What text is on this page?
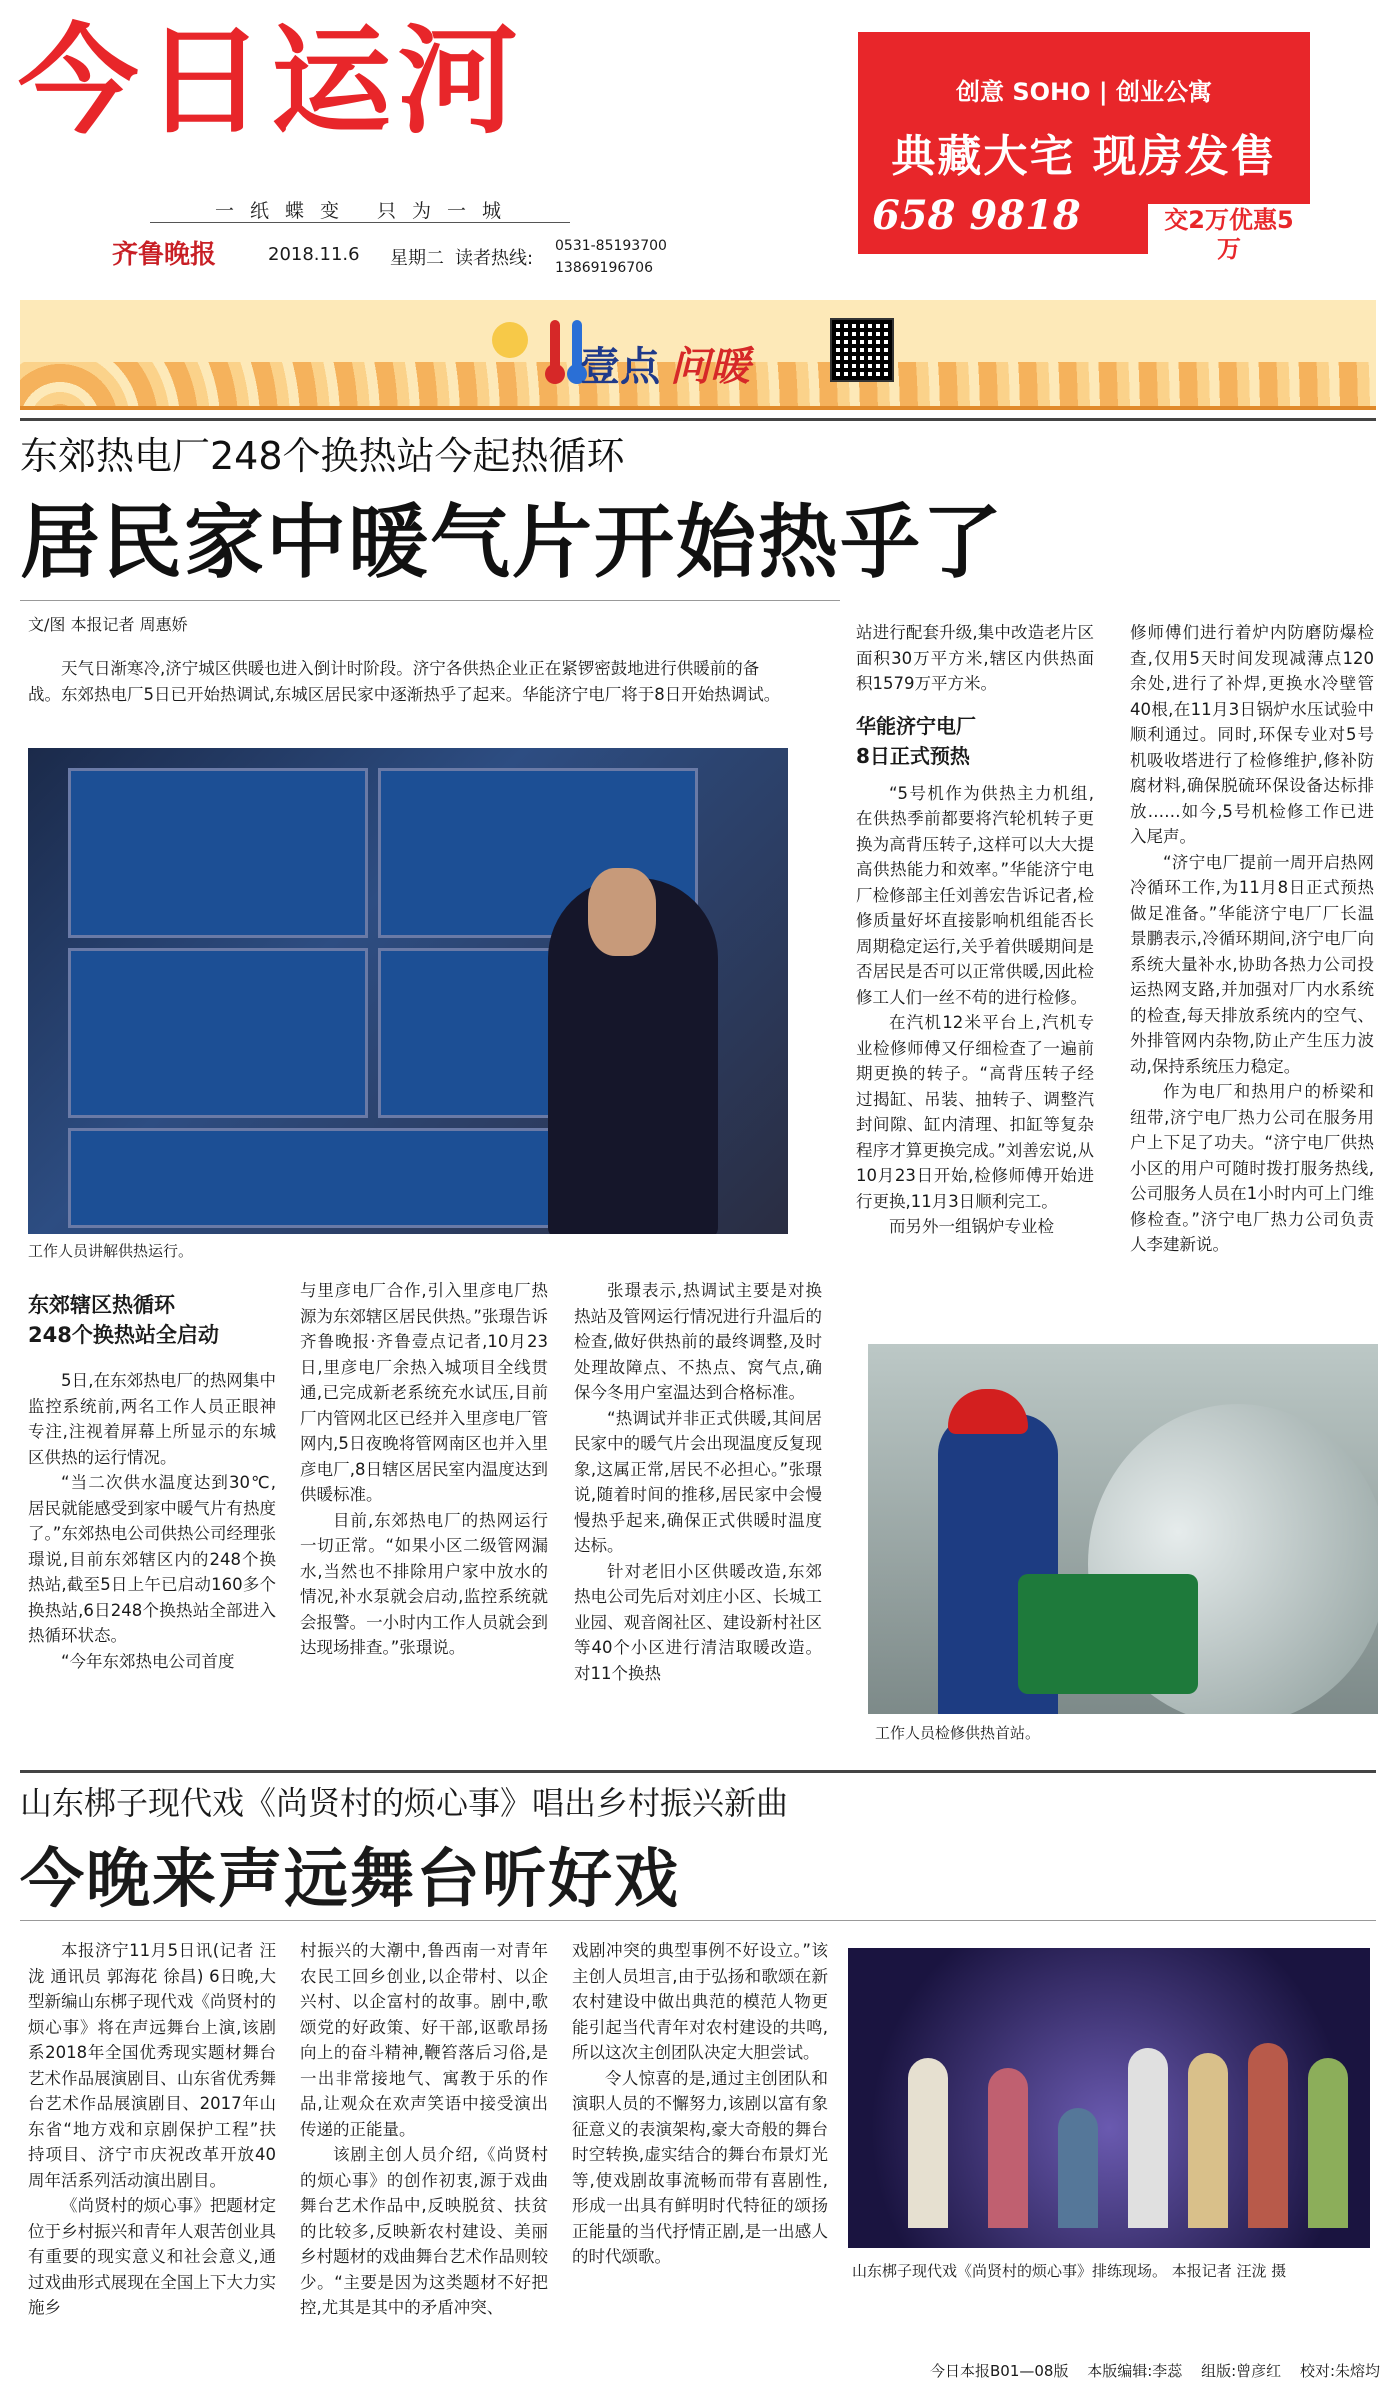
今日运河
一纸蝶变 只为一城
齐鲁晚报	2018.11.6 星期二 读者热线:
0531-85193700
13869196706
创意 SOHO | 创业公寓
典藏大宅 现房发售
658 9818	交2万优惠5万
壹点 问暖
东郊热电厂248个换热站今起热循环
居民家中暖气片开始热乎了
文/图 本报记者 周惠娇
天气日渐寒冷,济宁城区供暖也进入倒计时阶段。济宁各供热企业正在紧锣密鼓地进行供暖前的备战。东郊热电厂5日已开始热调试,东城区居民家中逐渐热乎了起来。华能济宁电厂将于8日开始热调试。
工作人员讲解供热运行。
东郊辖区热循环
248个换热站全启动

5日,在东郊热电厂的热网集中监控系统前,两名工作人员正眼神专注,注视着屏幕上所显示的东城区供热的运行情况。

“当二次供水温度达到30℃,居民就能感受到家中暖气片有热度了。”东郊热电公司供热公司经理张璟说,目前东郊辖区内的248个换热站,截至5日上午已启动160多个换热站,6日248个换热站全部进入热循环状态。

“今年东郊热电公司首度

与里彦电厂合作,引入里彦电厂热源为东郊辖区居民供热。”张璟告诉齐鲁晚报·齐鲁壹点记者,10月23日,里彦电厂余热入城项目全线贯通,已完成新老系统充水试压,目前厂内管网北区已经并入里彦电厂管网内,5日夜晚将管网南区也并入里彦电厂,8日辖区居民室内温度达到供暖标准。

目前,东郊热电厂的热网运行一切正常。“如果小区二级管网漏水,当然也不排除用户家中放水的情况,补水泵就会启动,监控系统就会报警。一小时内工作人员就会到达现场排查。”张璟说。

张璟表示,热调试主要是对换热站及管网运行情况进行升温后的检查,做好供热前的最终调整,及时处理故障点、不热点、窝气点,确保今冬用户室温达到合格标准。

“热调试并非正式供暖,其间居民家中的暖气片会出现温度反复现象,这属正常,居民不必担心。”张璟说,随着时间的推移,居民家中会慢慢热乎起来,确保正式供暖时温度达标。

针对老旧小区供暖改造,东郊热电公司先后对刘庄小区、长城工业园、观音阁社区、建设新村社区等40个小区进行清洁取暖改造。对11个换热

站进行配套升级,集中改造老片区面积30万平方米,辖区内供热面积1579万平方米。

华能济宁电厂
8日正式预热

“5号机作为供热主力机组,在供热季前都要将汽轮机转子更换为高背压转子,这样可以大大提高供热能力和效率。”华能济宁电厂检修部主任刘善宏告诉记者,检修质量好坏直接影响机组能否长周期稳定运行,关乎着供暖期间是否居民是否可以正常供暖,因此检修工人们一丝不苟的进行检修。

在汽机12米平台上,汽机专业检修师傅又仔细检查了一遍前期更换的转子。“高背压转子经过揭缸、吊装、抽转子、调整汽封间隙、缸内清理、扣缸等复杂程序才算更换完成。”刘善宏说,从10月23日开始,检修师傅开始进行更换,11月3日顺利完工。

而另外一组锅炉专业检

修师傅们进行着炉内防磨防爆检查,仅用5天时间发现减薄点120余处,进行了补焊,更换水冷壁管40根,在11月3日锅炉水压试验中顺利通过。同时,环保专业对5号机吸收塔进行了检修维护,修补防腐材料,确保脱硫环保设备达标排放……如今,5号机检修工作已进入尾声。

“济宁电厂提前一周开启热网冷循环工作,为11月8日正式预热做足准备。”华能济宁电厂厂长温景鹏表示,冷循环期间,济宁电厂向系统大量补水,协助各热力公司投运热网支路,并加强对厂内水系统的检查,每天排放系统内的空气、外排管网内杂物,防止产生压力波动,保持系统压力稳定。

作为电厂和热用户的桥梁和纽带,济宁电厂热力公司在服务用户上下足了功夫。“济宁电厂供热小区的用户可随时拨打服务热线,公司服务人员在1小时内可上门维修检查。”济宁电厂热力公司负责人李建新说。

工作人员检修供热首站。
山东梆子现代戏《尚贤村的烦心事》唱出乡村振兴新曲
今晚来声远舞台听好戏

本报济宁11月5日讯(记者 汪泷 通讯员 郭海花 徐昌) 6日晚,大型新编山东梆子现代戏《尚贤村的烦心事》将在声远舞台上演,该剧系2018年全国优秀现实题材舞台艺术作品展演剧目、山东省优秀舞台艺术作品展演剧目、2017年山东省“地方戏和京剧保护工程”扶持项目、济宁市庆祝改革开放40周年活系列活动演出剧目。

《尚贤村的烦心事》把题材定位于乡村振兴和青年人艰苦创业具有重要的现实意义和社会意义,通过戏曲形式展现在全国上下大力实施乡

村振兴的大潮中,鲁西南一对青年农民工回乡创业,以企带村、以企兴村、以企富村的故事。剧中,歌颂党的好政策、好干部,讴歌昂扬向上的奋斗精神,鞭笞落后习俗,是一出非常接地气、寓教于乐的作品,让观众在欢声笑语中接受演出传递的正能量。

该剧主创人员介绍,《尚贤村的烦心事》的创作初衷,源于戏曲舞台艺术作品中,反映脱贫、扶贫的比较多,反映新农村建设、美丽乡村题材的戏曲舞台艺术作品则较少。“主要是因为这类题材不好把控,尤其是其中的矛盾冲突、

戏剧冲突的典型事例不好设立。”该主创人员坦言,由于弘扬和歌颂在新农村建设中做出典范的模范人物更能引起当代青年对农村建设的共鸣,所以这次主创团队决定大胆尝试。

令人惊喜的是,通过主创团队和演职人员的不懈努力,该剧以富有象征意义的表演架构,豪大奇般的舞台时空转换,虚实结合的舞台布景灯光等,使戏剧故事流畅而带有喜剧性,形成一出具有鲜明时代特征的颂扬正能量的当代抒情正剧,是一出感人的时代颂歌。

山东梆子现代戏《尚贤村的烦心事》排练现场。 本报记者 汪泷 摄
今日本报B01—08版 本版编辑:李蕊 组版:曾彦红 校对:朱熔均
